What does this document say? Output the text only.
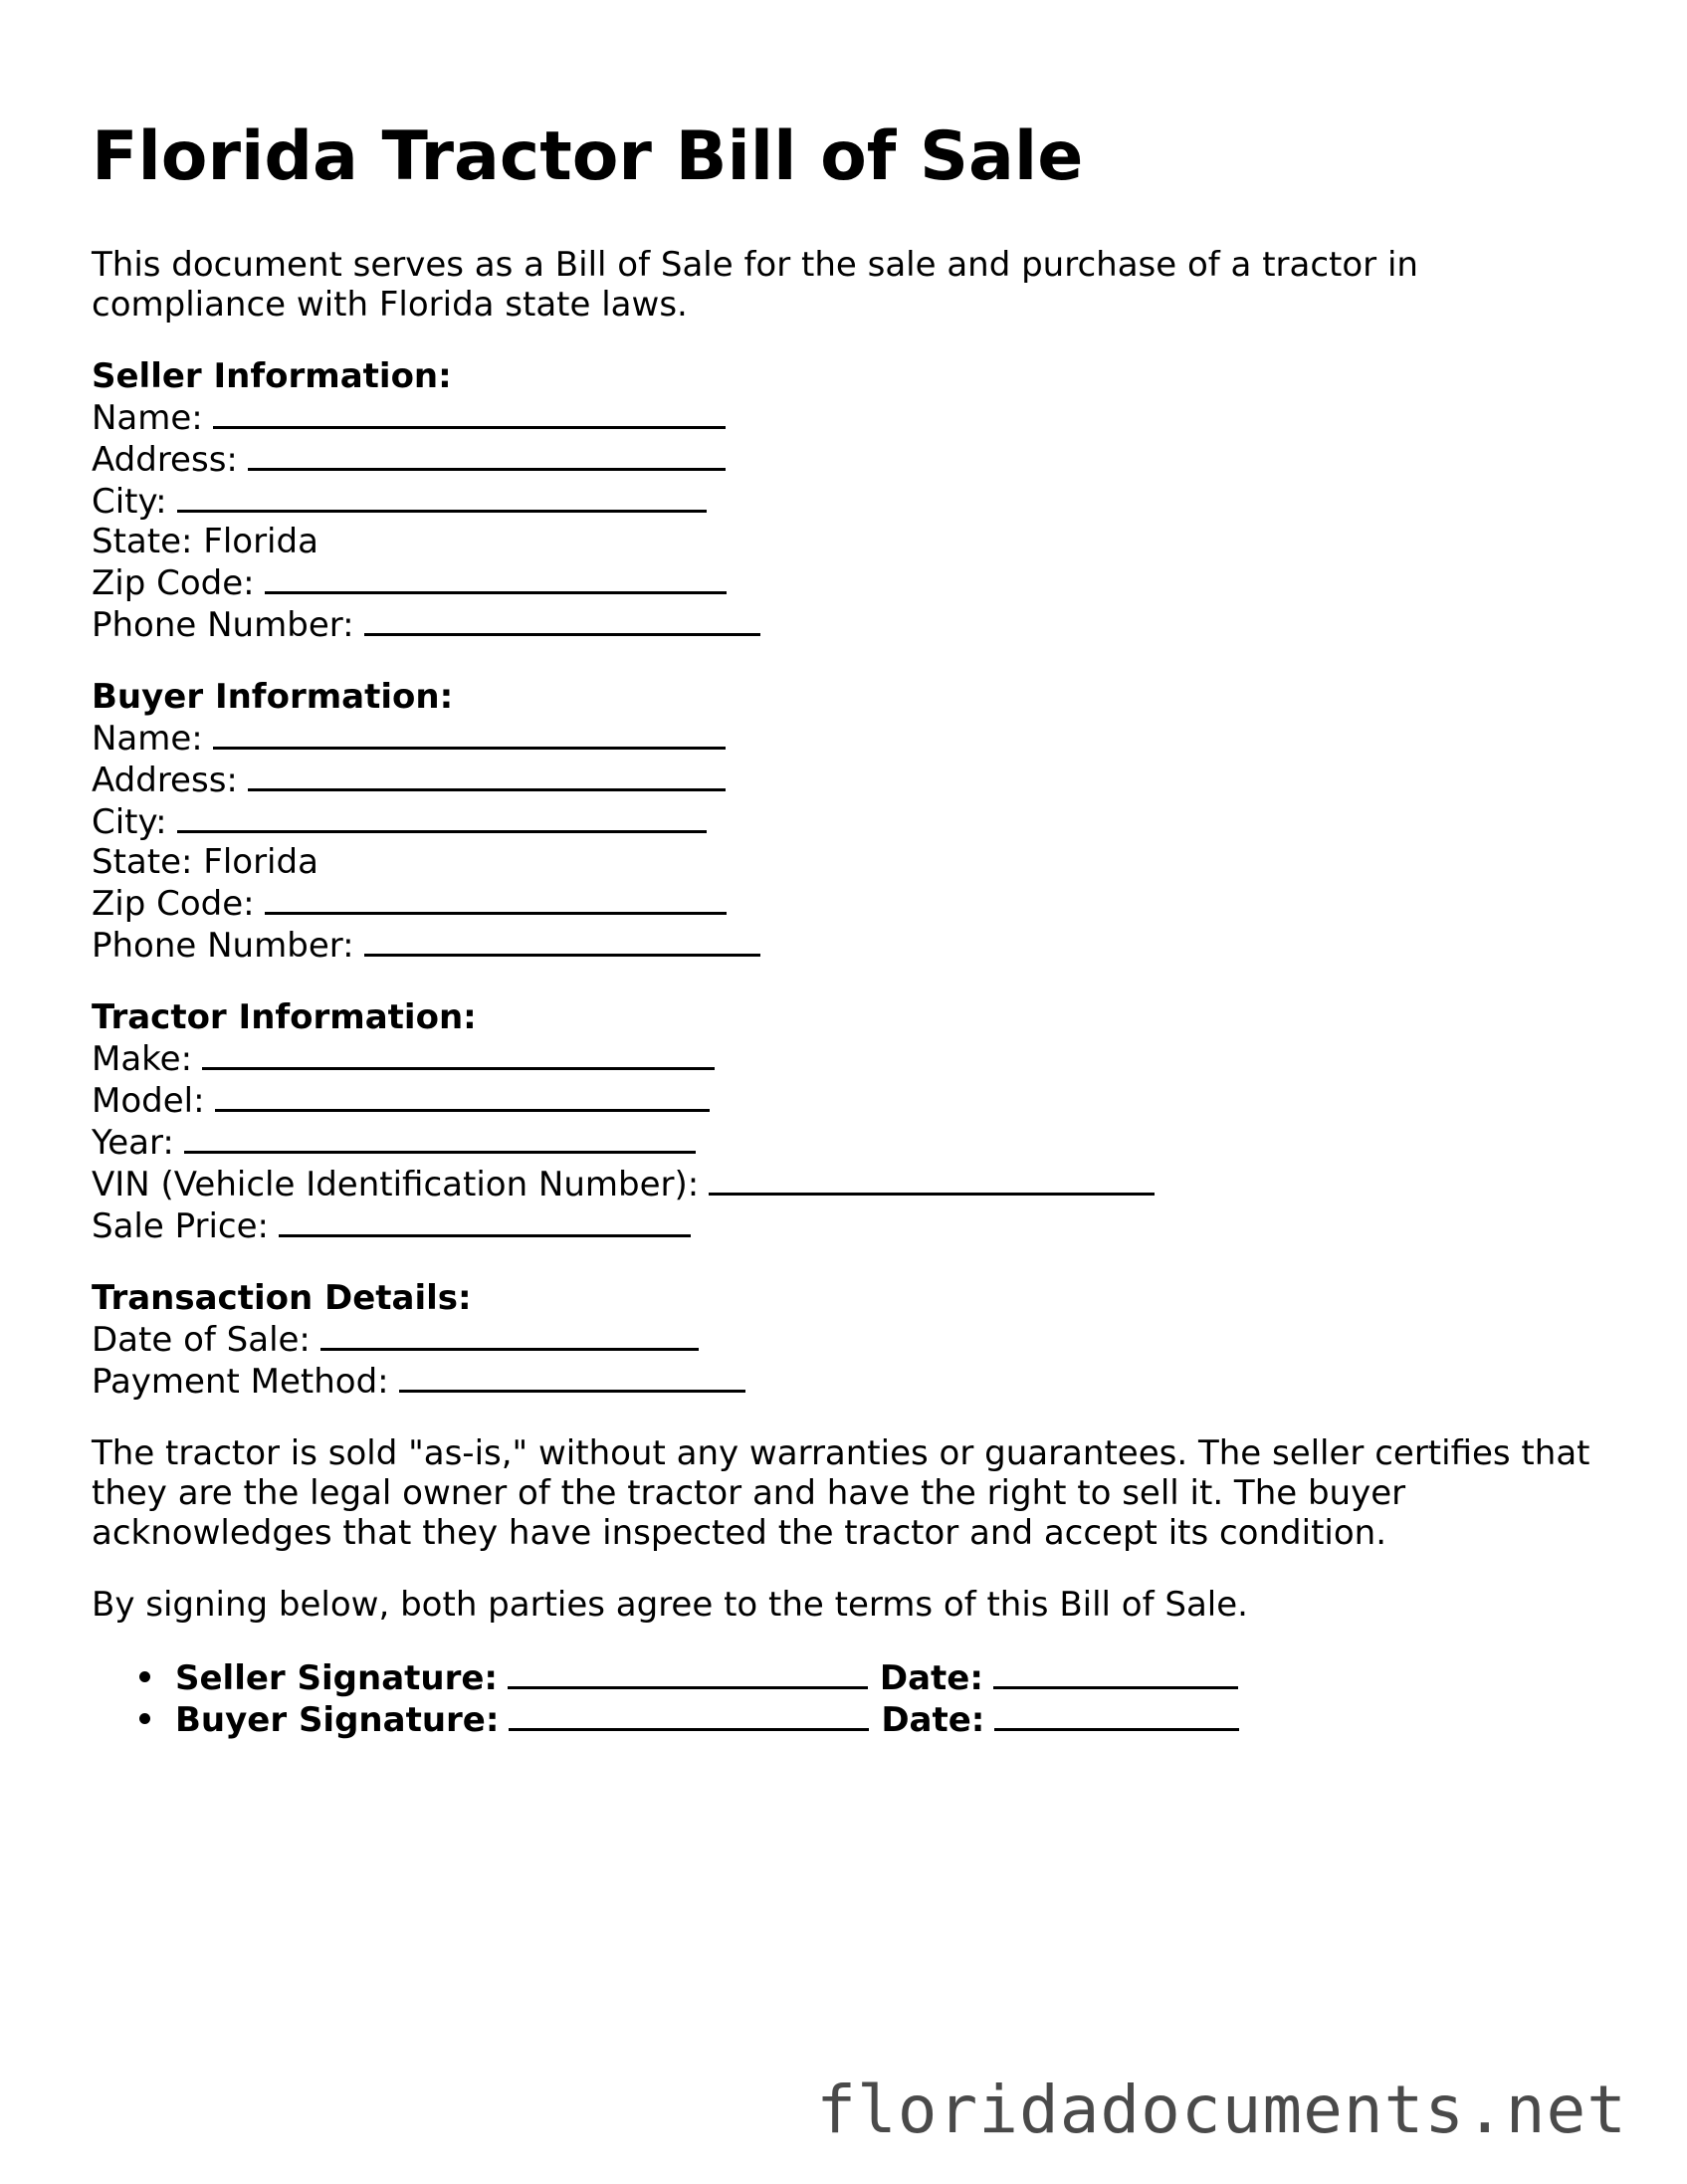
Florida Tractor Bill of Sale

This document serves as a Bill of Sale for the sale and purchase of a tractor in compliance with Florida state laws.

Seller Information:
Name:
Address:
City:
State: Florida
Zip Code:
Phone Number:
Buyer Information:
Name:
Address:
City:
State: Florida
Zip Code:
Phone Number:
Tractor Information:
Make:
Model:
Year:
VIN (Vehicle Identification Number):
Sale Price:
Transaction Details:
Date of Sale:
Payment Method:

The tractor is sold "as-is," without any warranties or guarantees. The seller certifies that they are the legal owner of the tractor and have the right to sell it. The buyer acknowledges that they have inspected the tractor and accept its condition.

By signing below, both parties agree to the terms of this Bill of Sale.

Seller Signature:	Date:
Buyer Signature:	Date:
floridadocuments.net
